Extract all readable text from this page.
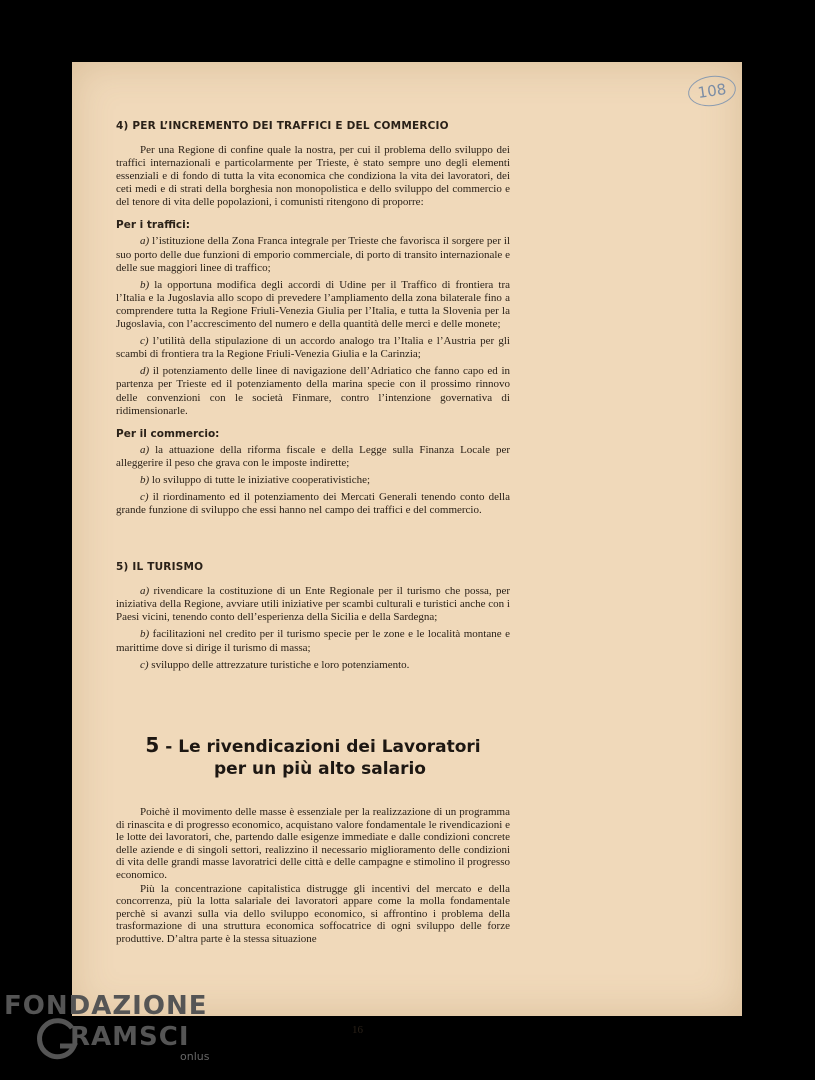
108
4) PER L’INCREMENTO DEI TRAFFICI E DEL COMMERCIO

Per una Regione di confine quale la nostra, per cui il problema dello sviluppo dei traffici internazionali e particolarmente per Trieste, è stato sempre uno degli elementi essenziali e di fondo di tutta la vita economica che condiziona la vita dei lavoratori, dei ceti medi e di strati della borghesia non monopolistica e dello sviluppo del commercio e del tenore di vita delle popolazioni, i comunisti ritengono di proporre:

Per i traffici:

a) l’istituzione della Zona Franca integrale per Trieste che favorisca il sorgere per il suo porto delle due funzioni di emporio commerciale, di porto di transito internazionale e delle sue maggiori linee di traffico;

b) la opportuna modifica degli accordi di Udine per il Traffico di frontiera tra l’Italia e la Jugoslavia allo scopo di prevedere l’ampliamento della zona bilaterale fino a comprendere tutta la Regione Friuli-Venezia Giulia per l’Italia, e tutta la Slovenia per la Jugoslavia, con l’accrescimento del numero e della quantità delle merci e delle monete;

c) l’utilità della stipulazione di un accordo analogo tra l’Italia e l’Austria per gli scambi di frontiera tra la Regione Friuli-Venezia Giulia e la Carinzia;

d) il potenziamento delle linee di navigazione dell’Adriatico che fanno capo ed in partenza per Trieste ed il potenziamento della marina specie con il prossimo rinnovo delle convenzioni con le società Finmare, contro l’intenzione governativa di ridimensionarle.

Per il commercio:

a) la attuazione della riforma fiscale e della Legge sulla Finanza Locale per alleggerire il peso che grava con le imposte indirette;

b) lo sviluppo di tutte le iniziative cooperativistiche;

c) il riordinamento ed il potenziamento dei Mercati Generali tenendo conto della grande funzione di sviluppo che essi hanno nel campo dei traffici e del commercio.

5) IL TURISMO

a) rivendicare la costituzione di un Ente Regionale per il turismo che possa, per iniziativa della Regione, avviare utili iniziative per scambi culturali e turistici anche con i Paesi vicini, tenendo conto dell’esperienza della Sicilia e della Sardegna;

b) facilitazioni nel credito per il turismo specie per le zone e le località montane e marittime dove si dirige il turismo di massa;

c) sviluppo delle attrezzature turistiche e loro potenziamento.

5 - Le rivendicazioni dei Lavoratori
per un più alto salario

Poichè il movimento delle masse è essenziale per la realizzazione di un programma di rinascita e di progresso economico, acquistano valore fondamentale le rivendicazioni e le lotte dei lavoratori, che, partendo dalle esigenze immediate e dalle condizioni concrete delle aziende e di singoli settori, realizzino il necessario miglioramento delle condizioni di vita delle grandi masse lavoratrici delle città e delle campagne e stimolino il progresso economico.

Più la concentrazione capitalistica distrugge gli incentivi del mercato e della concorrenza, più la lotta salariale dei lavoratori appare come la molla fondamentale perchè si avanzi sulla via dello sviluppo economico, si affrontino i problema della trasformazione di una struttura economica soffocatrice di ogni sviluppo delle forze produttive. D’altra parte è la stessa situazione

16
FONDAZIONE
RAMSCI
onlus
